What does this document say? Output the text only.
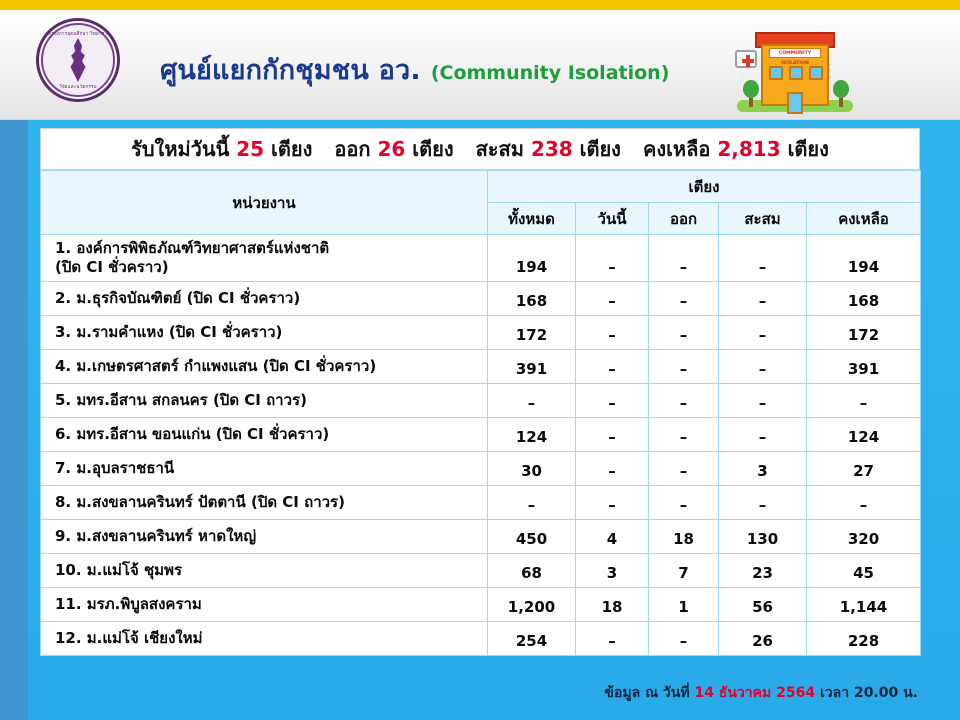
กระทรวงการอุดมศึกษา วิทยาศาสตร์
วิจัยและนวัตกรรม
ศูนย์แยกกักชุมชน อว. (Community Isolation)
COMMUNITY ISOLATION
รับใหม่วันนี้ 25 เตียง ออก 26 เตียง สะสม 238 เตียง คงเหลือ 2,813 เตียง
หน่วยงาน	เตียง				
	ทั้งหมด	วันนี้	ออก	สะสม	คงเหลือ
1. องค์การพิพิธภัณฑ์วิทยาศาสตร์แห่งชาติ
(ปิด CI ชั่วคราว)	194	–	–	–	194
2. ม.ธุรกิจบัณฑิตย์ (ปิด CI ชั่วคราว)	168	–	–	–	168
3. ม.รามคำแหง (ปิด CI ชั่วคราว)	172	–	–	–	172
4. ม.เกษตรศาสตร์ กำแพงแสน (ปิด CI ชั่วคราว)	391	–	–	–	391
5. มทร.อีสาน สกลนคร (ปิด CI ถาวร)	–	–	–	–	–
6. มทร.อีสาน ขอนแก่น (ปิด CI ชั่วคราว)	124	–	–	–	124
7. ม.อุบลราชธานี	30	–	–	3	27
8. ม.สงขลานครินทร์ ปัตตานี (ปิด CI ถาวร)	–	–	–	–	–
9. ม.สงขลานครินทร์ หาดใหญ่	450	4	18	130	320
10. ม.แม่โจ้ ชุมพร	68	3	7	23	45
11. มรภ.พิบูลสงคราม	1,200	18	1	56	1,144
12. ม.แม่โจ้ เชียงใหม่	254	–	–	26	228
ข้อมูล ณ วันที่ 14 ธันวาคม 2564 เวลา 20.00 น.
